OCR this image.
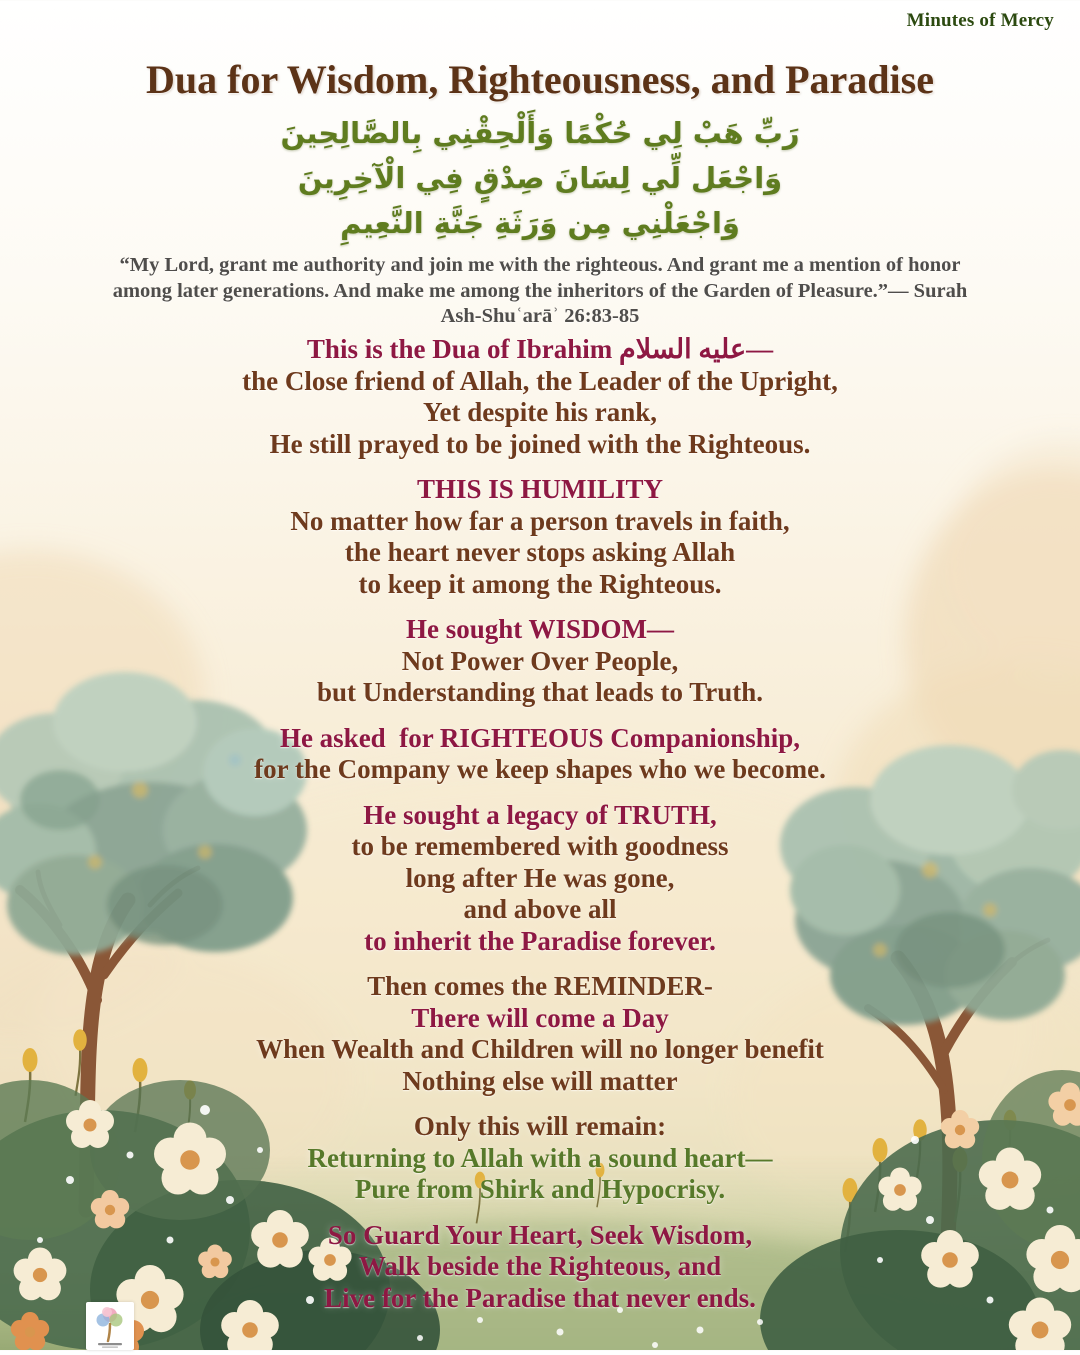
Minutes of Mercy
Dua for Wisdom, Righteousness, and Paradise
رَبِّ هَبْ لِي حُكْمًا وَأَلْحِقْنِي بِالصَّالِحِينَ
وَاجْعَل لِّي لِسَانَ صِدْقٍ فِي الْآخِرِينَ
وَاجْعَلْنِي مِن وَرَثَةِ جَنَّةِ النَّعِيمِ
“My Lord, grant me authority and join me with the righteous. And grant me a mention of honor among later generations. And make me among the inheritors of the Garden of Pleasure.”— Surah Ash-Shuʿarāʾ 26:83-85
This is the Dua of Ibrahim عليه السلام—
the Close friend of Allah, the Leader of the Upright,
Yet despite his rank,
He still prayed to be joined with the Righteous.
THIS IS HUMILITY
No matter how far a person travels in faith,
the heart never stops asking Allah
to keep it among the Righteous.
He sought WISDOM—
Not Power Over People,
but Understanding that leads to Truth.
He asked  for RIGHTEOUS Companionship,
for the Company we keep shapes who we become.
He sought a legacy of TRUTH,
to be remembered with goodness
long after He was gone,
and above all
to inherit the Paradise forever.
Then comes the REMINDER-
There will come a Day
When Wealth and Children will no longer benefit
Nothing else will matter
Only this will remain:
Returning to Allah with a sound heart—
Pure from Shirk and Hypocrisy.
So Guard Your Heart, Seek Wisdom,
Walk beside the Righteous, and
Live for the Paradise that never ends.
